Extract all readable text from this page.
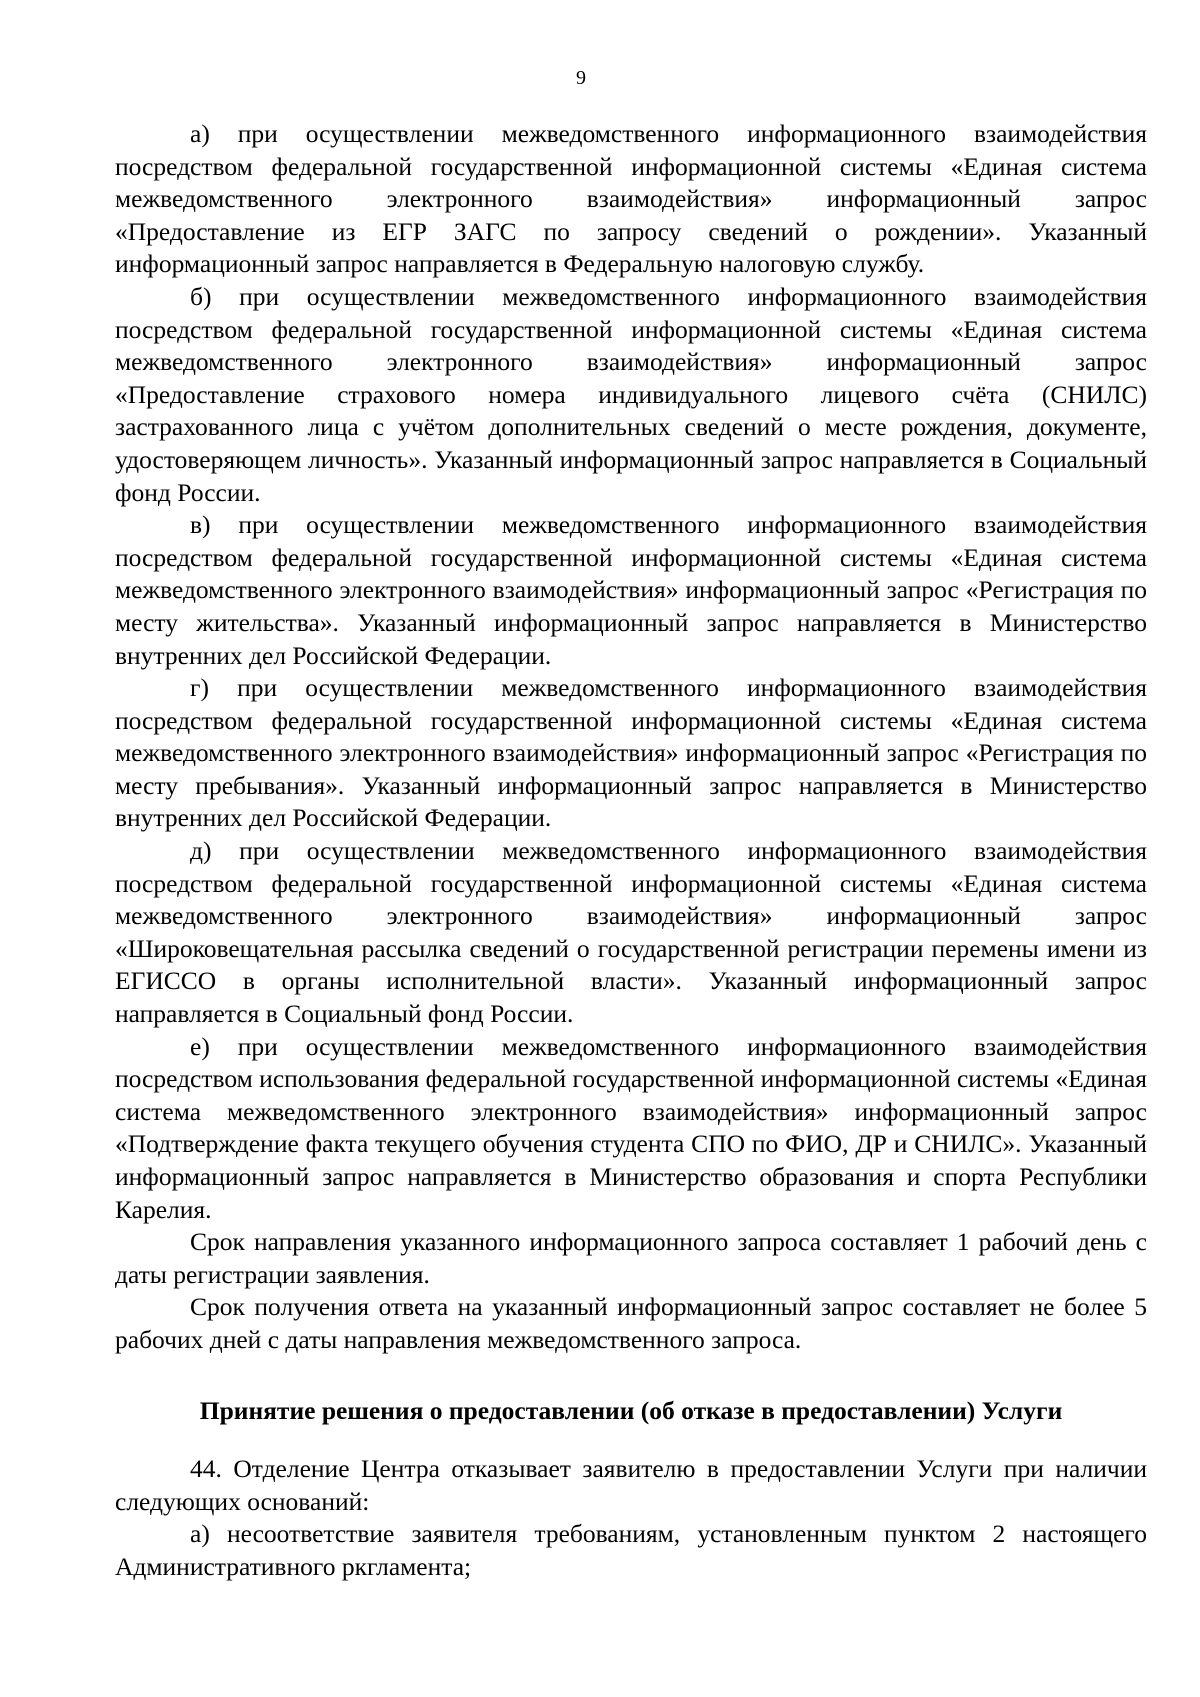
9

а) при осуществлении межведомственного информационного взаимодействия посредством федеральной государственной информационной системы «Единая система межведомственного электронного взаимодействия» информационный запрос «Предоставление из ЕГР ЗАГС по запросу сведений о рождении». Указанный информационный запрос направляется в Федеральную налоговую службу.

б) при осуществлении межведомственного информационного взаимодействия посредством федеральной государственной информационной системы «Единая система межведомственного электронного взаимодействия» информационный запрос «Предоставление страхового номера индивидуального лицевого счёта (СНИЛС) застрахованного лица с учётом дополнительных сведений о месте рождения, документе, удостоверяющем личность». Указанный информационный запрос направляется в Социальный фонд России.

в) при осуществлении межведомственного информационного взаимодействия посредством федеральной государственной информационной системы «Единая система межведомственного электронного взаимодействия» информационный запрос «Регистрация по месту жительства». Указанный информационный запрос направляется в Министерство внутренних дел Российской Федерации.

г) при осуществлении межведомственного информационного взаимодействия посредством федеральной государственной информационной системы «Единая система межведомственного электронного взаимодействия» информационный запрос «Регистрация по месту пребывания». Указанный информационный запрос направляется в Министерство внутренних дел Российской Федерации.

д) при осуществлении межведомственного информационного взаимодействия посредством федеральной государственной информационной системы «Единая система межведомственного электронного взаимодействия» информационный запрос «Широковещательная рассылка сведений о государственной регистрации перемены имени из ЕГИССО в органы исполнительной власти». Указанный информационный запрос направляется в Социальный фонд России.

е) при осуществлении межведомственного информационного взаимодействия посредством использования федеральной государственной информационной системы «Единая система межведомственного электронного взаимодействия» информационный запрос «Подтверждение факта текущего обучения студента СПО по ФИО, ДР и СНИЛС». Указанный информационный запрос направляется в Министерство образования и спорта Республики Карелия.

Срок направления указанного информационного запроса составляет 1 рабочий день с даты регистрации заявления.

Срок получения ответа на указанный информационный запрос составляет не более 5 рабочих дней с даты направления межведомственного запроса.

Принятие решения о предоставлении (об отказе в предоставлении) Услуги

44. Отделение Центра отказывает заявителю в предоставлении Услуги при наличии следующих оснований:

а) несоответствие заявителя требованиям, установленным пунктом 2 настоящего Административного ркгламента;
